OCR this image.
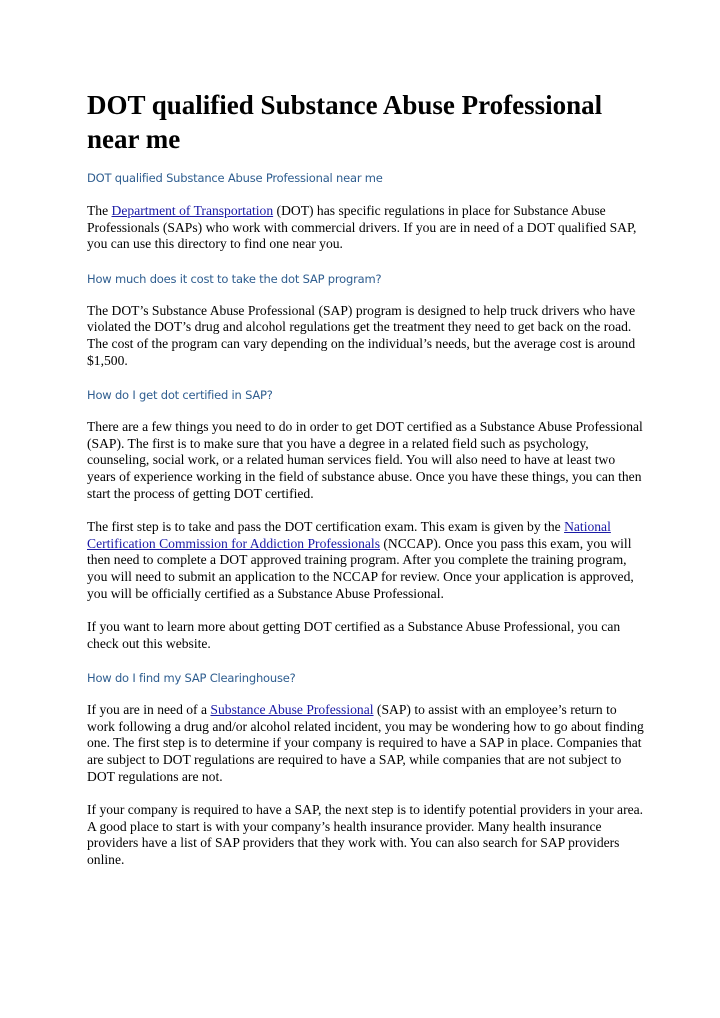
DOT qualified Substance Abuse Professional near me
DOT qualified Substance Abuse Professional near me

The Department of Transportation (DOT) has specific regulations in place for Substance Abuse Professionals (SAPs) who work with commercial drivers. If you are in need of a DOT qualified SAP, you can use this directory to find one near you.

How much does it cost to take the dot SAP program?

The DOT’s Substance Abuse Professional (SAP) program is designed to help truck drivers who have violated the DOT’s drug and alcohol regulations get the treatment they need to get back on the road. The cost of the program can vary depending on the individual’s needs, but the average cost is around $1,500.

How do I get dot certified in SAP?

There are a few things you need to do in order to get DOT certified as a Substance Abuse Professional (SAP). The first is to make sure that you have a degree in a related field such as psychology, counseling, social work, or a related human services field. You will also need to have at least two years of experience working in the field of substance abuse. Once you have these things, you can then start the process of getting DOT certified.

The first step is to take and pass the DOT certification exam. This exam is given by the National Certification Commission for Addiction Professionals (NCCAP). Once you pass this exam, you will then need to complete a DOT approved training program. After you complete the training program, you will need to submit an application to the NCCAP for review. Once your application is approved, you will be officially certified as a Substance Abuse Professional.

If you want to learn more about getting DOT certified as a Substance Abuse Professional, you can check out this website.

How do I find my SAP Clearinghouse?

If you are in need of a Substance Abuse Professional (SAP) to assist with an employee’s return to work following a drug and/or alcohol related incident, you may be wondering how to go about finding one. The first step is to determine if your company is required to have a SAP in place. Companies that are subject to DOT regulations are required to have a SAP, while companies that are not subject to DOT regulations are not.

If your company is required to have a SAP, the next step is to identify potential providers in your area. A good place to start is with your company’s health insurance provider. Many health insurance providers have a list of SAP providers that they work with. You can also search for SAP providers online.
